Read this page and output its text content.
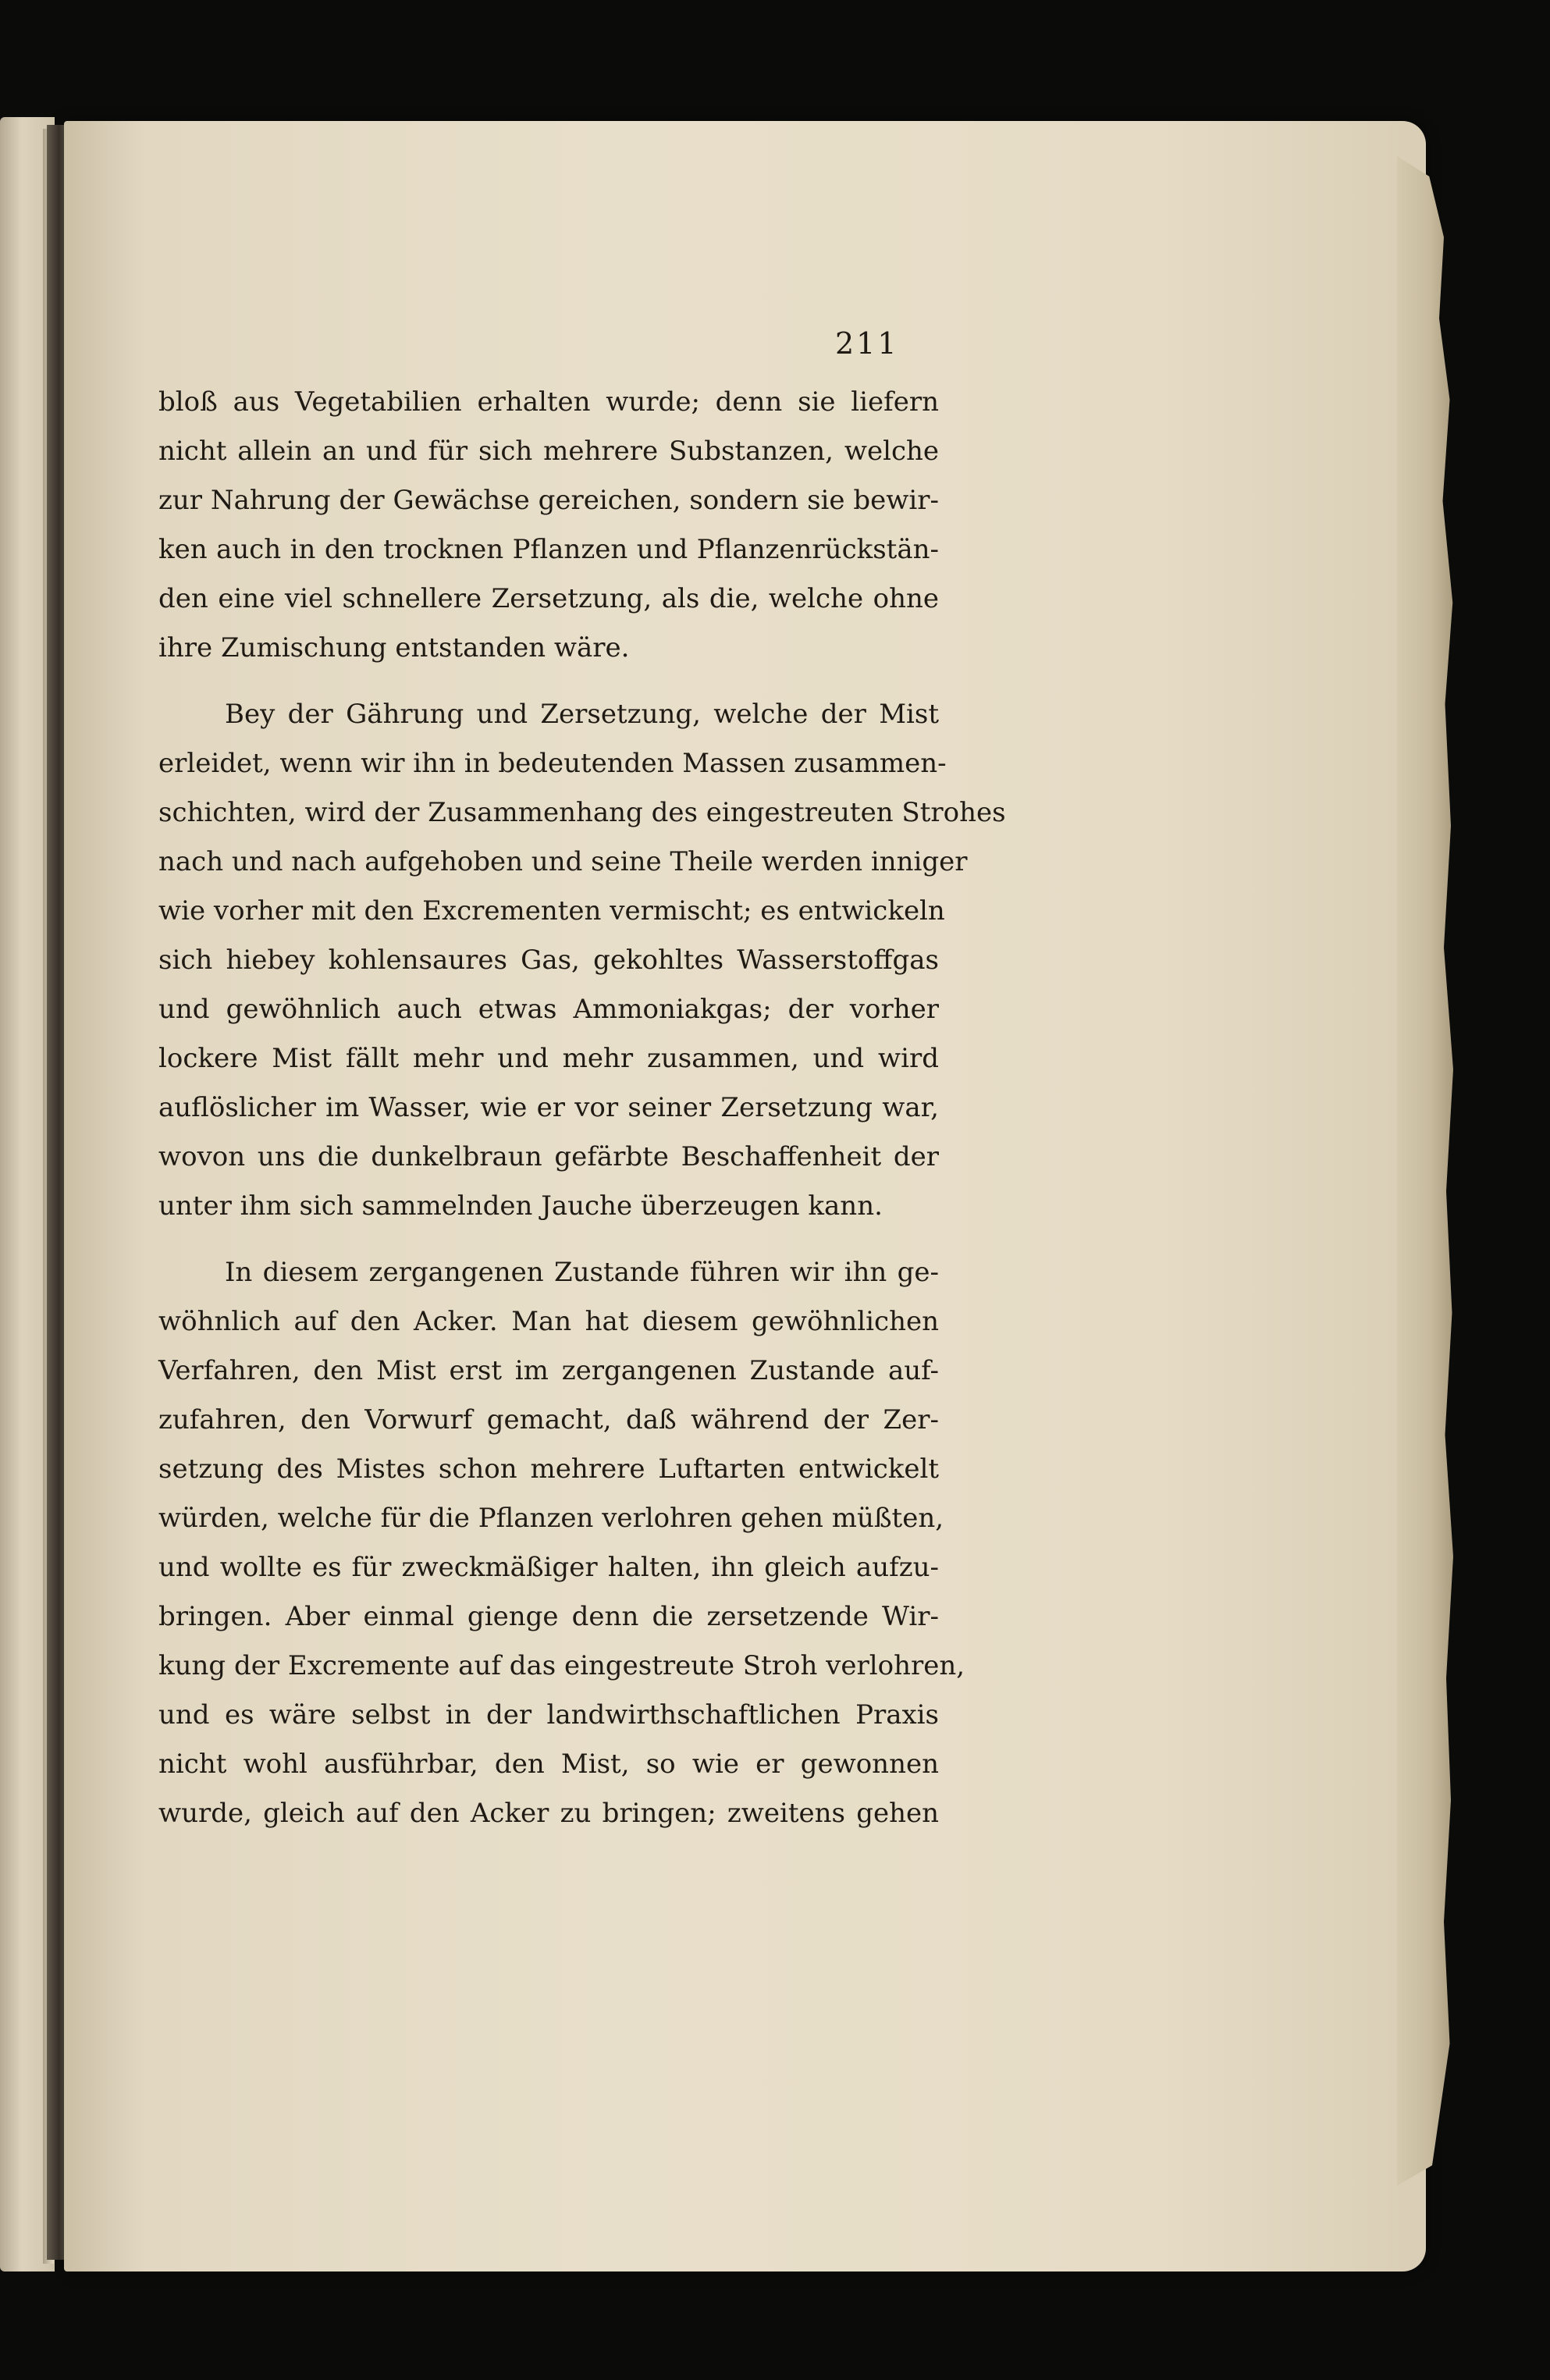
211
bloß aus Vegetabilien erhalten wurde; denn sie liefern
nicht allein an und für sich mehrere Substanzen, welche
zur Nahrung der Gewächse gereichen, sondern sie bewir-
ken auch in den trocknen Pflanzen und Pflanzenrückstän-
den eine viel schnellere Zersetzung, als die, welche ohne
ihre Zumischung entstanden wäre.
Bey der Gährung und Zersetzung, welche der Mist
erleidet, wenn wir ihn in bedeutenden Massen zusammen-
schichten, wird der Zusammenhang des eingestreuten Strohes
nach und nach aufgehoben und seine Theile werden inniger
wie vorher mit den Excrementen vermischt; es entwickeln
sich hiebey kohlensaures Gas, gekohltes Wasserstoffgas
und gewöhnlich auch etwas Ammoniakgas; der vorher
lockere Mist fällt mehr und mehr zusammen, und wird
auflöslicher im Wasser, wie er vor seiner Zersetzung war,
wovon uns die dunkelbraun gefärbte Beschaffenheit der
unter ihm sich sammelnden Jauche überzeugen kann.
In diesem zergangenen Zustande führen wir ihn ge-
wöhnlich auf den Acker. Man hat diesem gewöhnlichen
Verfahren, den Mist erst im zergangenen Zustande auf-
zufahren, den Vorwurf gemacht, daß während der Zer-
setzung des Mistes schon mehrere Luftarten entwickelt
würden, welche für die Pflanzen verlohren gehen müßten,
und wollte es für zweckmäßiger halten, ihn gleich aufzu-
bringen. Aber einmal gienge denn die zersetzende Wir-
kung der Excremente auf das eingestreute Stroh verlohren,
und es wäre selbst in der landwirthschaftlichen Praxis
nicht wohl ausführbar, den Mist, so wie er gewonnen
wurde, gleich auf den Acker zu bringen; zweitens gehen
